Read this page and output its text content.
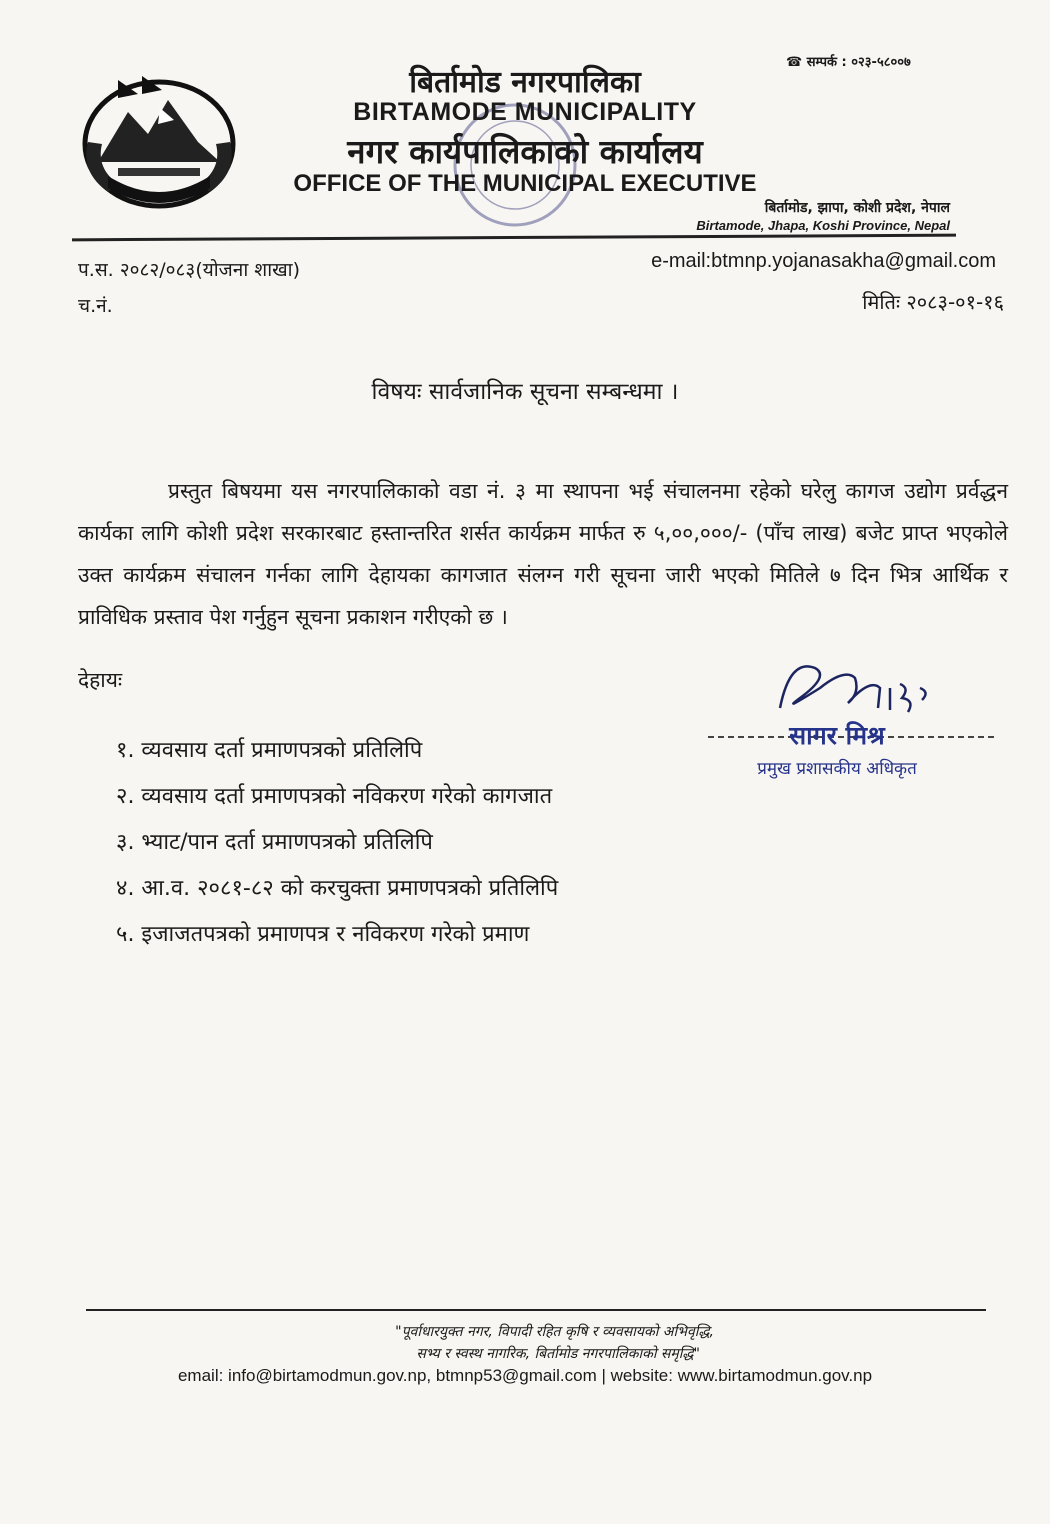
☎ सम्पर्क : ०२३-५८००७
बिर्तामोड नगरपालिका
BIRTAMODE MUNICIPALITY
नगर कार्यपालिकाको कार्यालय
OFFICE OF THE MUNICIPAL EXECUTIVE
बिर्तामोड, झापा, कोशी प्रदेश, नेपाल
Birtamode, Jhapa, Koshi Province, Nepal
प.स. २०८२/०८३(योजना शाखा)
च.नं.
e-mail:btmnp.yojanasakha@gmail.com
मितिः २०८३-०१-१६
विषयः सार्वजानिक सूचना सम्बन्धमा ।
प्रस्तुत बिषयमा यस नगरपालिकाको वडा नं. ३ मा स्थापना भई संचालनमा रहेको घरेलु कागज उद्योग प्रर्वद्धन कार्यका लागि कोशी प्रदेश सरकारबाट हस्तान्तरित शर्सत कार्यक्रम मार्फत रु ५,००,०००/- (पाँच लाख) बजेट प्राप्त भएकोले उक्त कार्यक्रम संचालन गर्नका लागि देहायका कागजात संलग्न गरी सूचना जारी भएको मितिले ७ दिन भित्र आर्थिक र प्राविधिक प्रस्ताव पेश गर्नुहुन सूचना प्रकाशन गरीएको छ ।
देहायः
१. व्यवसाय दर्ता प्रमाणपत्रको प्रतिलिपि
२. व्यवसाय दर्ता प्रमाणपत्रको नविकरण गरेको कागजात
३. भ्याट/पान दर्ता प्रमाणपत्रको प्रतिलिपि
४. आ.व. २०८१-८२ को करचुक्ता प्रमाणपत्रको प्रतिलिपि
५. इजाजतपत्रको प्रमाणपत्र र नविकरण गरेको प्रमाण
सागर मिश्र
प्रमुख प्रशासकीय अधिकृत
"पूर्वाधारयुक्त नगर, विपादी रहित कृषि र व्यवसायको अभिवृद्धि,
सभ्य र स्वस्थ नागरिक, बिर्तामोड नगरपालिकाको समृद्धि"
email: info@birtamodmun.gov.np, btmnp53@gmail.com | website: www.birtamodmun.gov.np
